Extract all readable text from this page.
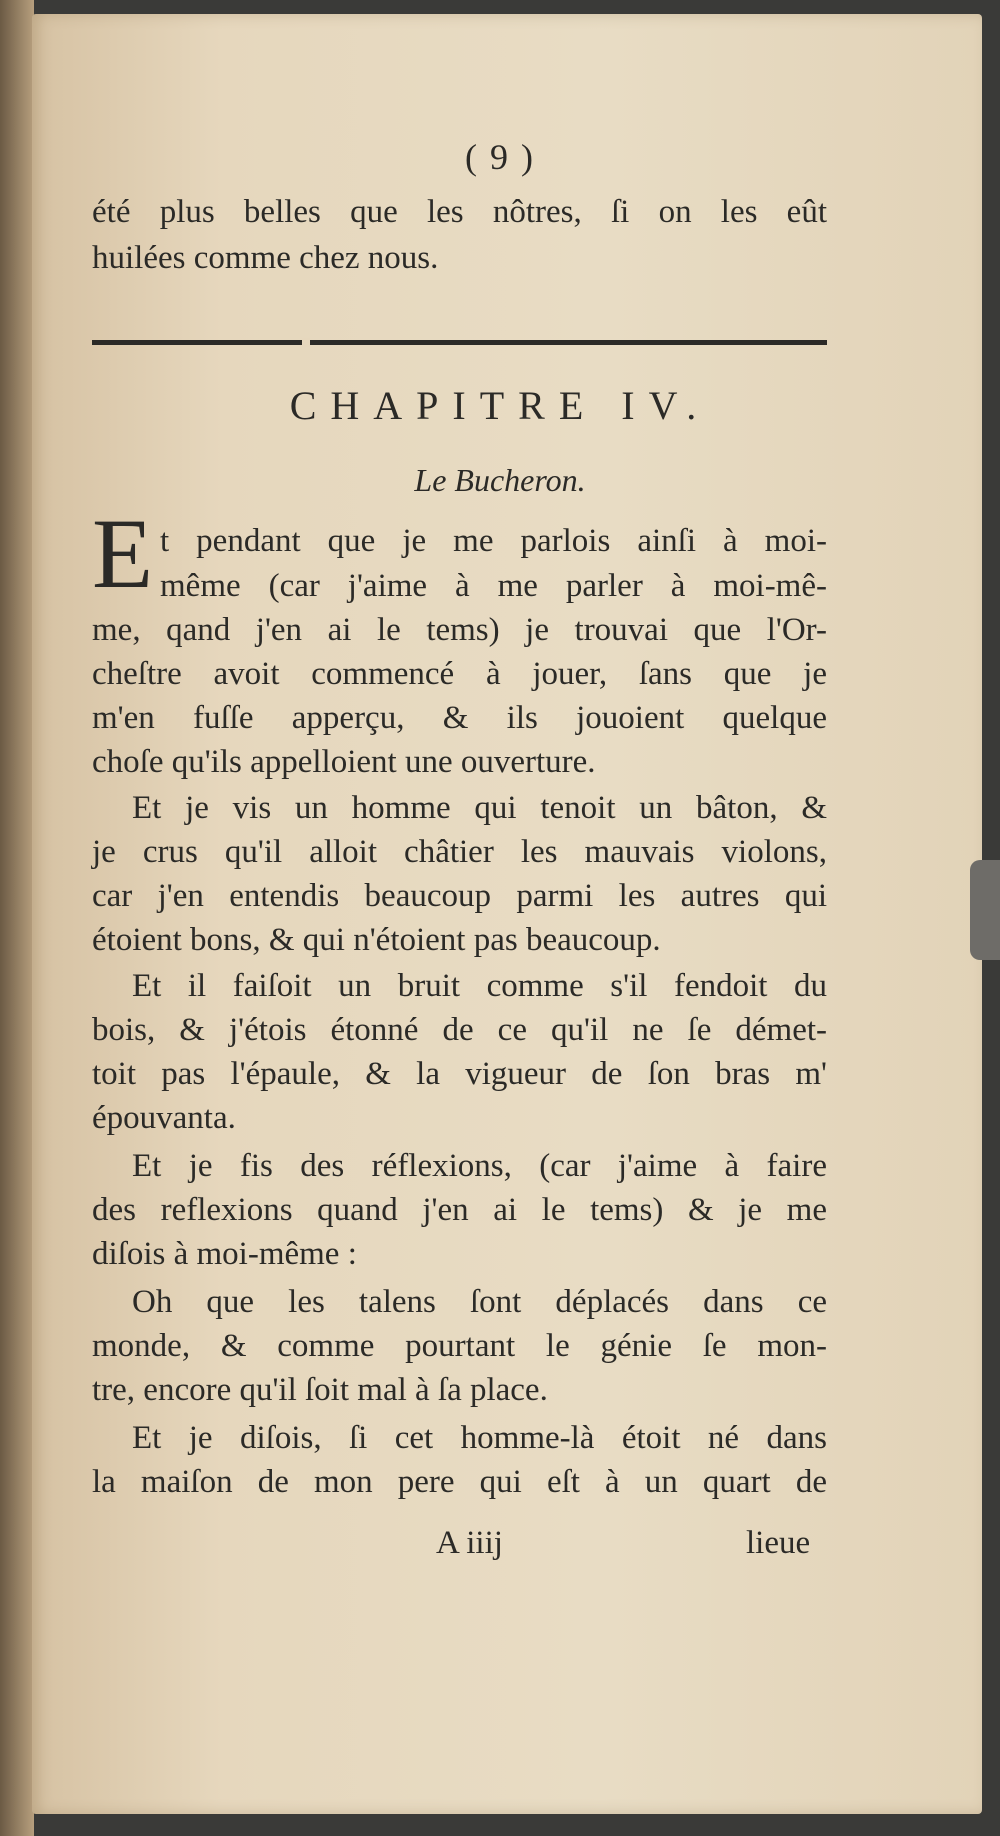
( 9 )
été plus belles que les nôtres, ſi on les eût
huilées comme chez nous.
CHAPITRE IV.
Le Bucheron.
E t pendant que je me parlois ainſi à moi-
même (car j'aime à me parler à moi-mê-
me, qand j'en ai le tems) je trouvai que l'Or-
cheſtre avoit commencé à jouer, ſans que je
m'en fuſſe apperçu, & ils jouoient quelque
choſe qu'ils appelloient une ouverture.
Et je vis un homme qui tenoit un bâton, &
je crus qu'il alloit châtier les mauvais violons,
car j'en entendis beaucoup parmi les autres qui
étoient bons, & qui n'étoient pas beaucoup.
Et il faiſoit un bruit comme s'il fendoit du
bois, & j'étois étonné de ce qu'il ne ſe démet-
toit pas l'épaule, & la vigueur de ſon bras m'
épouvanta.
Et je fis des réflexions, (car j'aime à faire
des reflexions quand j'en ai le tems) & je me
diſois à moi-même :
Oh que les talens ſont déplacés dans ce
monde, & comme pourtant le génie ſe mon-
tre, encore qu'il ſoit mal à ſa place.
Et je diſois, ſi cet homme-là étoit né dans
la maiſon de mon pere qui eſt à un quart de
A iiij	lieue
